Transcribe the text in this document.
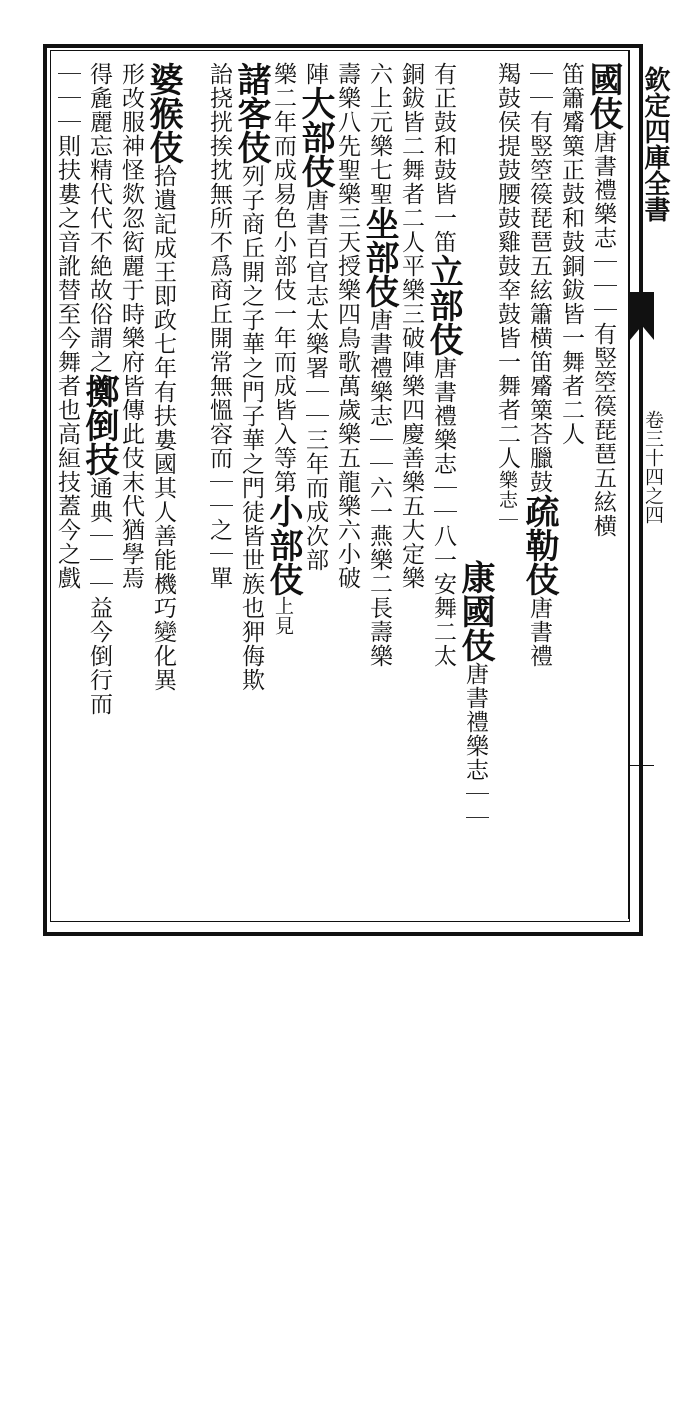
欽定四庫全書
卷三十四之四
國伎唐書禮樂志｜｜｜有竪箜篌琵琶五絃横
笛簫觱篥正鼓和鼓銅鈸皆一舞者二人
｜｜有竪箜篌琵琶五絃簫横笛觱篥荅臘鼓疏勒伎唐書禮
羯鼓侯提鼓腰鼓雞鼓㚔鼓皆一舞者二人樂志｜
康國伎唐書禮樂志｜｜
有正鼓和鼓皆一笛立部伎唐書禮樂志｜｜八一安舞二太
銅鈸皆二舞者二人平樂三破陣樂四慶善樂五大定樂
六上元樂七聖坐部伎唐書禮樂志｜｜六一燕樂二長壽樂
壽樂八先聖樂三天授樂四鳥歌萬歲樂五龍樂六小破
陣大部伎唐書百官志太樂署｜｜三年而成次部
樂二年而成易色小部伎一年而成皆入等第小部伎上見
諸客伎列子商丘開之子華之門子華之門徒皆世族也狎侮欺
詒挠挄挨抌無所不爲商丘開常無慍容而｜｜之｜單
婆猴伎拾遺記成王即政七年有扶婁國其人善能機巧變化異
形改服神怪欻忽衒麗于時樂府皆傳此伎末代猶學焉
得麁麗忘精代代不絶故俗謂之擲倒技通典｜｜｜益今倒行而
｜｜｜則扶婁之音訛替至今舞者也高絙技蓋今之戲
